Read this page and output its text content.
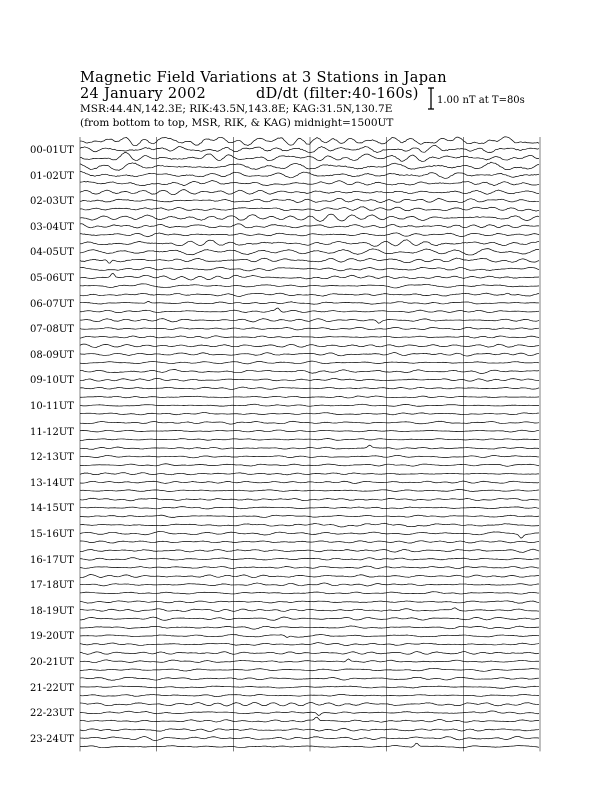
Magnetic Field Variations at 3 Stations in Japan
24 January 2002	dD/dt (filter:40-160s)
MSR:44.4N,142.3E; RIK:43.5N,143.8E; KAG:31.5N,130.7E
(from bottom to top, MSR, RIK, & KAG) midnight=1500UT
1.00 nT at T=80s
00-01UT
01-02UT
02-03UT
03-04UT
04-05UT
05-06UT
06-07UT
07-08UT
08-09UT
09-10UT
10-11UT
11-12UT
12-13UT
13-14UT
14-15UT
15-16UT
16-17UT
17-18UT
18-19UT
19-20UT
20-21UT
21-22UT
22-23UT
23-24UT
